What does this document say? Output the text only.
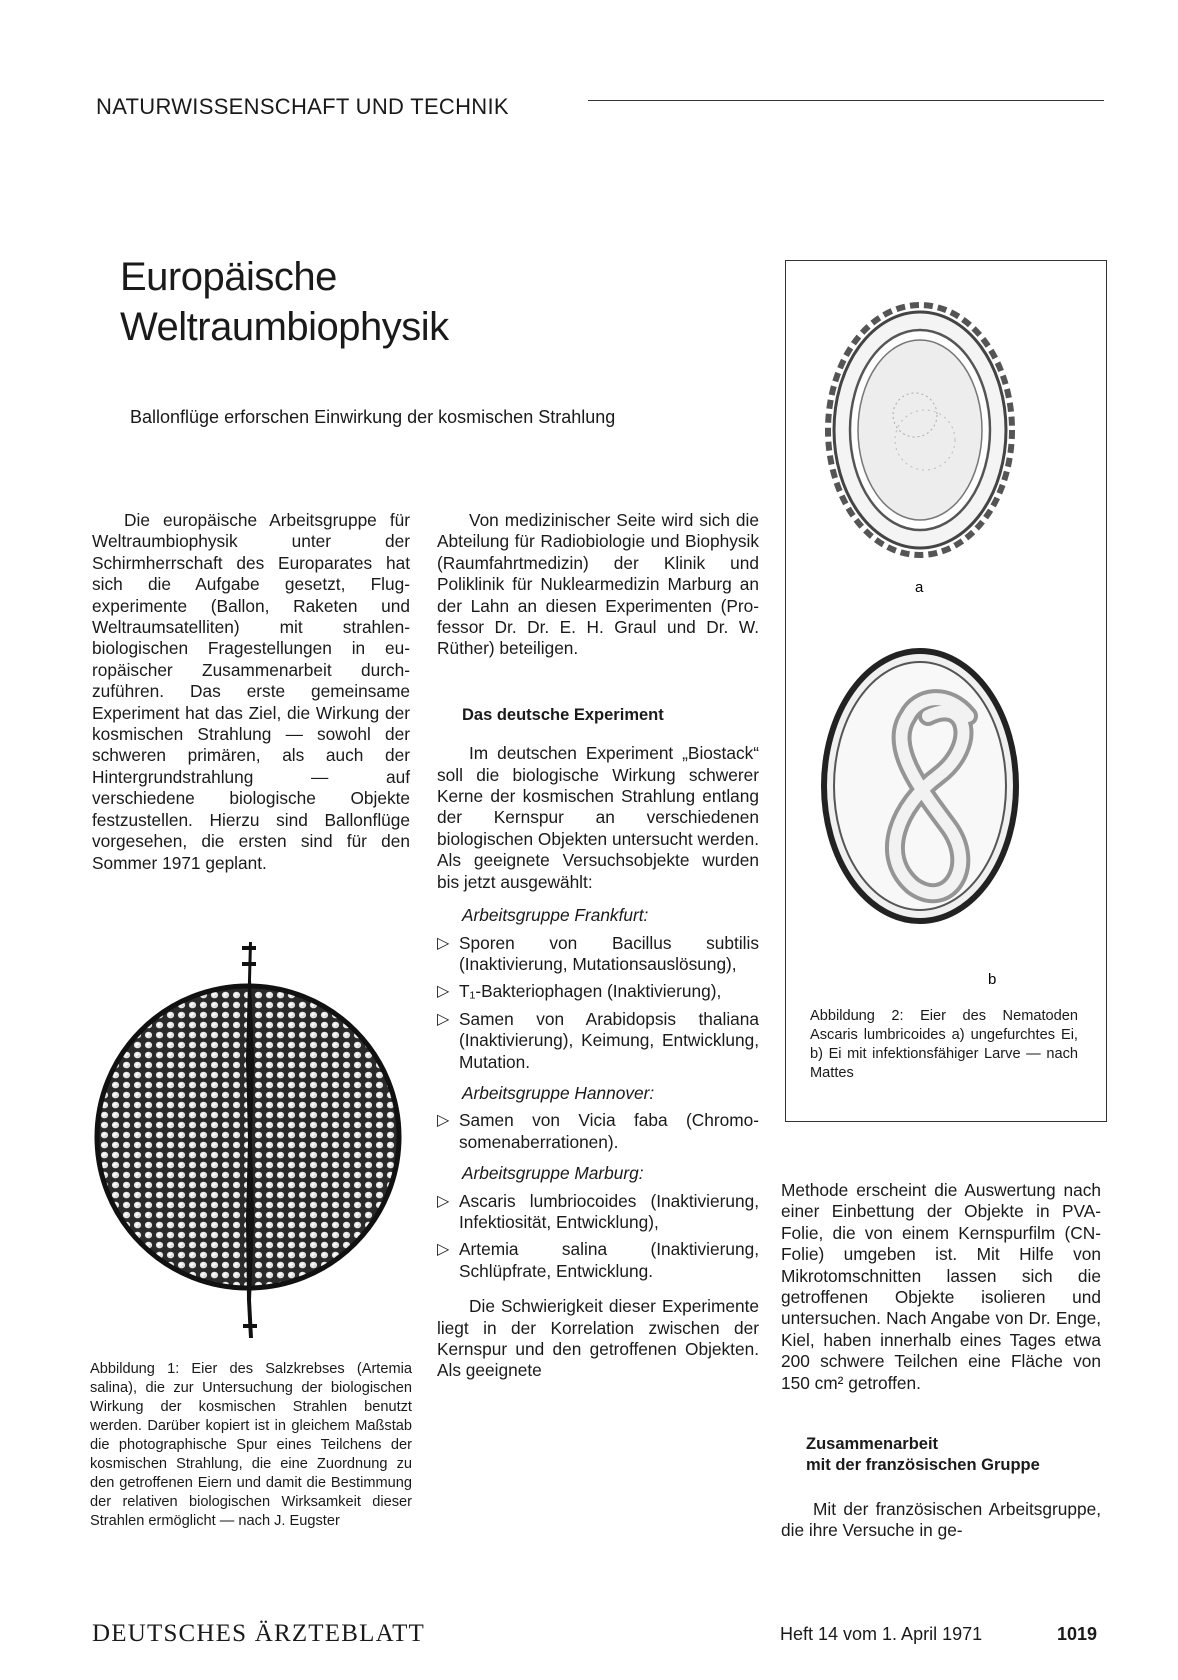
NATURWISSENSCHAFT UND TECHNIK
Europäische
Weltraumbiophysik
Ballonflüge erforschen Einwirkung der kosmischen Strahlung

Die europäische Arbeitsgruppe für Weltraumbiophysik unter der Schirmherrschaft des Europarates hat sich die Aufgabe gesetzt, Flugexperimente (Ballon, Raketen und Weltraumsatelliten) mit strahlenbiologischen Fragestellungen in europäischer Zusammenarbeit durchzuführen. Das erste gemeinsame Experiment hat das Ziel, die Wirkung der kosmischen Strahlung — sowohl der schweren primären, als auch der Hintergrundstrahlung — auf verschiedene biologische Objekte festzustellen. Hierzu sind Ballonflüge vorgesehen, die ersten sind für den Sommer 1971 geplant.

Von medizinischer Seite wird sich die Abteilung für Radiobiologie und Biophysik (Raumfahrtmedizin) der Klinik und Poliklinik für Nuklearmedizin Marburg an der Lahn an diesen Experimenten (Professor Dr. Dr. E. H. Graul und Dr. W. Rüther) beteiligen.

Das deutsche Experiment

Im deutschen Experiment „Biostack“ soll die biologische Wirkung schwerer Kerne der kosmischen Strahlung entlang der Kernspur an verschiedenen biologischen Objekten untersucht werden. Als geeignete Versuchsobjekte wurden bis jetzt ausgewählt:

Arbeitsgruppe Frankfurt:

▷ Sporen von Bacillus subtilis (Inaktivierung, Mutationsauslösung),
▷ T₁-Bakteriophagen (Inaktivierung),
▷ Samen von Arabidopsis thaliana (Inaktivierung), Keimung, Entwicklung, Mutation.

Arbeitsgruppe Hannover:

▷ Samen von Vicia faba (Chromosomenaberrationen).

Arbeitsgruppe Marburg:

▷ Ascaris lumbriocoides (Inaktivierung, Infektiosität, Entwicklung),
▷ Artemia salina (Inaktivierung, Schlüpfrate, Entwicklung.

Die Schwierigkeit dieser Experimente liegt in der Korrelation zwischen der Kernspur und den getroffenen Objekten. Als geeignete

Methode erscheint die Auswertung nach einer Einbettung der Objekte in PVA-Folie, die von einem Kernspurfilm (CN-Folie) umgeben ist. Mit Hilfe von Mikrotomschnitten lassen sich die getroffenen Objekte isolieren und untersuchen. Nach Angabe von Dr. Enge, Kiel, haben innerhalb eines Tages etwa 200 schwere Teilchen eine Fläche von 150 cm² getroffen.

Zusammenarbeit
mit der französischen Gruppe

Mit der französischen Arbeitsgruppe, die ihre Versuche in ge-

Abbildung 1: Eier des Salzkrebses (Artemia salina), die zur Untersuchung der biologischen Wirkung der kosmischen Strahlen benutzt werden. Darüber kopiert ist in gleichem Maßstab die photographische Spur eines Teilchens der kosmischen Strahlung, die eine Zuordnung zu den getroffenen Eiern und damit die Bestimmung der relativen biologischen Wirksamkeit dieser Strahlen ermöglicht — nach J. Eugster

a
b

Abbildung 2: Eier des Nematoden Ascaris lumbricoides a) ungefurchtes Ei, b) Ei mit infektionsfähiger Larve — nach Mattes

DEUTSCHES ÄRZTEBLATT	Heft 14 vom 1. April 1971	1019
